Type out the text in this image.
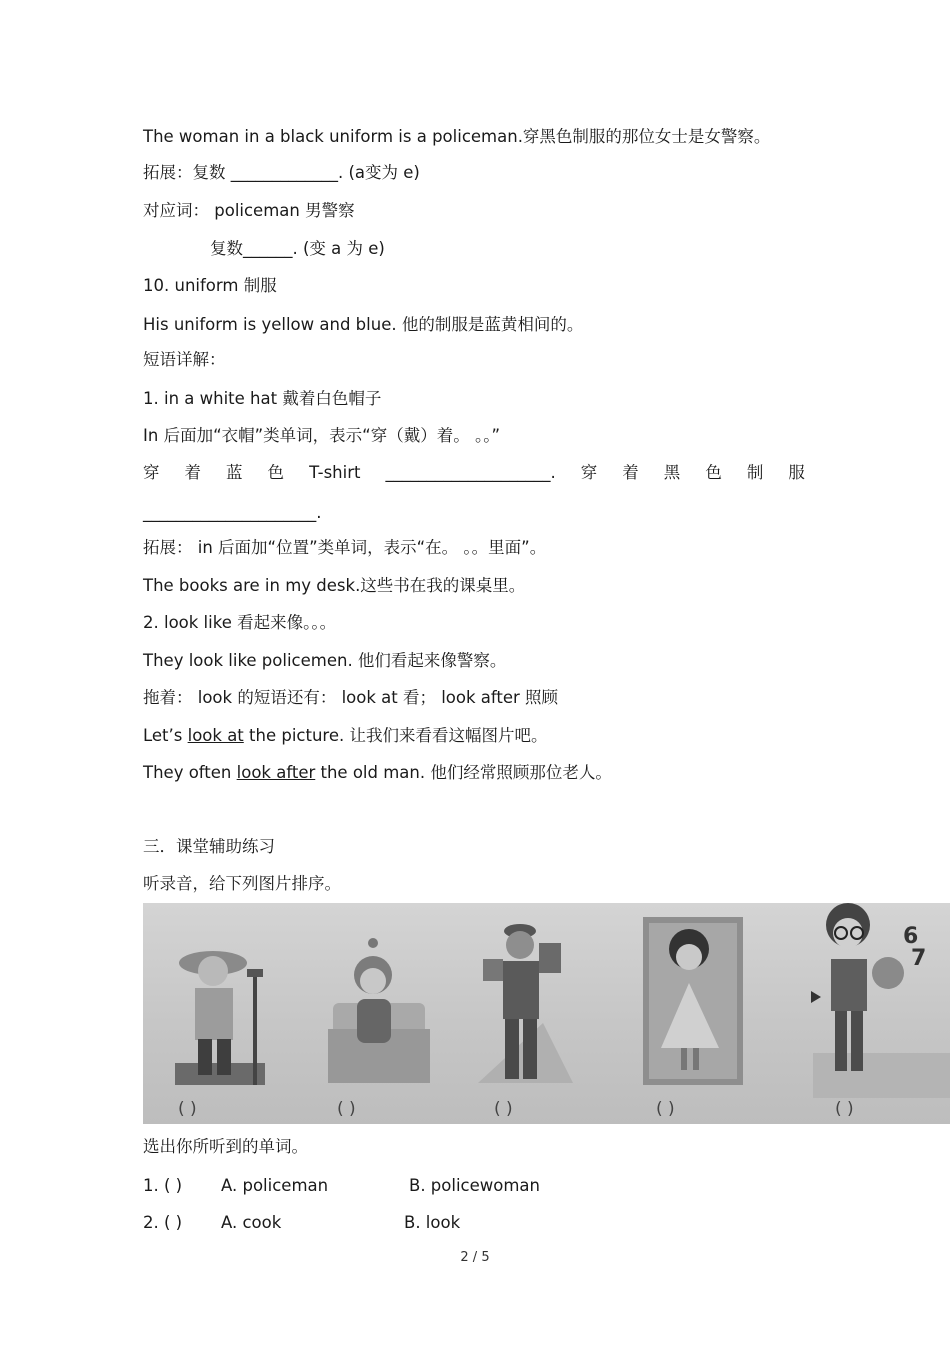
The woman in a black uniform is a policeman.穿黑色制服的那位女士是女警察。
拓展：复数 _____________. (a变为 e)
对应词： policeman 男警察
复数______. (变 a 为 e)
10. uniform 制服
His uniform is yellow and blue. 他的制服是蓝黄相间的。
短语详解：
1. in a white hat 戴着白色帽子
In 后面加“衣帽”类单词，表示“穿（戴）着。 。。”
穿 着 蓝 色 T-shirt ____________________. 穿 着 黑 色 制 服
_____________________.
拓展： in 后面加“位置”类单词，表示“在。 。。里面”。
The books are in my desk.这些书在我的课桌里。
2. look like 看起来像。。。
They look like policemen. 他们看起来像警察。
拖着： look 的短语还有： look at 看； look after 照顾
Let’s look at the picture. 让我们来看看这幅图片吧。
They often look after the old man. 他们经常照顾那位老人。
三．课堂辅助练习
听录音，给下列图片排序。
6
7
( )	( )	( )	( )	( )
选出你所听到的单词。
1. ( ) A. policeman	B. policewoman
2. ( ) A. cook	B. look
2 / 5
